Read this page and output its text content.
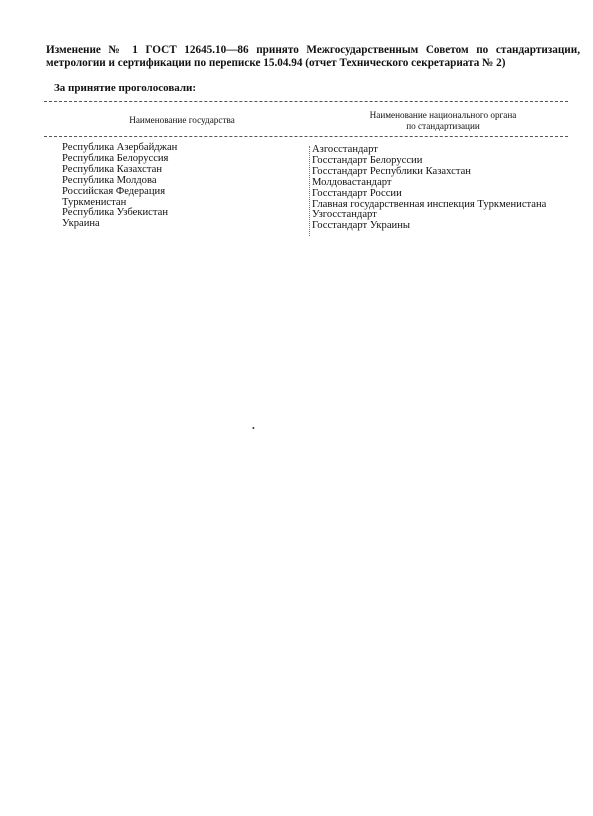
Изменение № 1 ГОСТ 12645.10—86 принято Межгосударственным Советом по стандартизации, метрологии и сертификации по переписке 15.04.94 (отчет Технического секретариата № 2)
За принятие проголосовали:
Наименование государства	Наименование национального органа
по стандартизации
Республика Азербайджан
Республика Белоруссия
Республика Казахстан
Республика Молдова
Российская Федерация
Туркменистан
Республика Узбекистан
Украина
Азгосстандарт
Госстандарт Белоруссии
Госстандарт Республики Казахстан
Молдовастандарт
Госстандарт России
Главная государственная инспекция Туркменистана
Узгосстандарт
Госстандарт Украины
•
